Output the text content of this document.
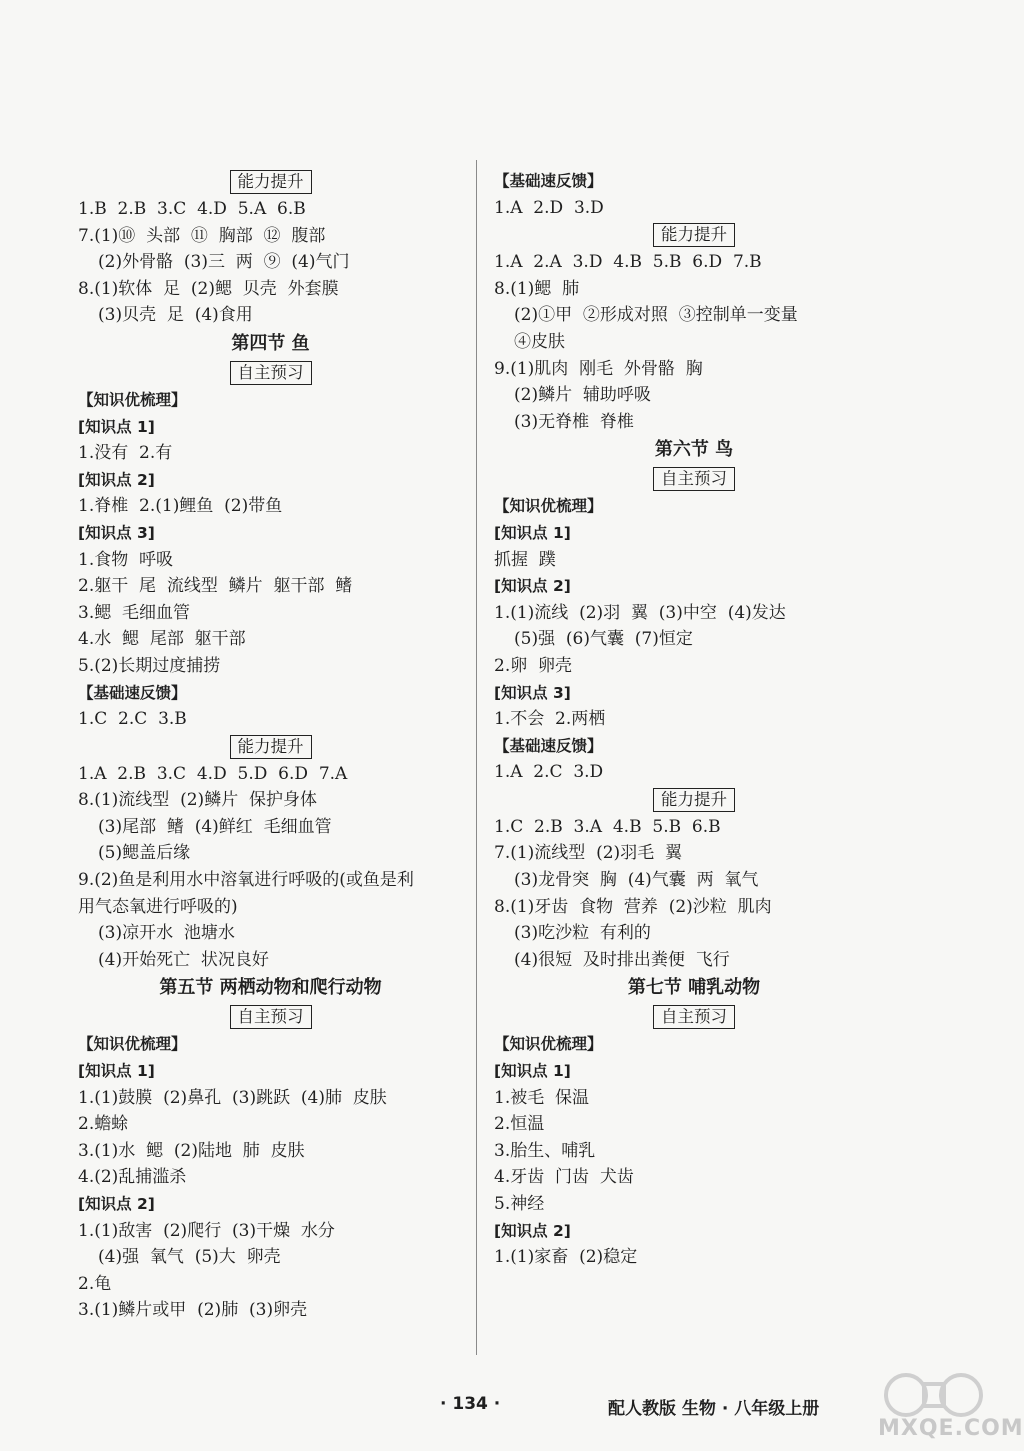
能力提升
1.B  2.B  3.C  4.D  5.A  6.B
7.(1)⑩  头部  ⑪  胸部  ⑫  腹部
(2)外骨骼  (3)三  两  ⑨  (4)气门
8.(1)软体  足  (2)鳃  贝壳  外套膜
(3)贝壳  足  (4)食用
第四节 鱼
自主预习
【知识优梳理】
[知识点 1]
1.没有  2.有
[知识点 2]
1.脊椎  2.(1)鲤鱼  (2)带鱼
[知识点 3]
1.食物  呼吸
2.躯干  尾  流线型  鳞片  躯干部  鳍
3.鳃  毛细血管
4.水  鳃  尾部  躯干部
5.(2)长期过度捕捞
【基础速反馈】
1.C  2.C  3.B
能力提升
1.A  2.B  3.C  4.D  5.D  6.D  7.A
8.(1)流线型  (2)鳞片  保护身体
(3)尾部  鳍  (4)鲜红  毛细血管
(5)鳃盖后缘
9.(2)鱼是利用水中溶氧进行呼吸的(或鱼是利
用气态氧进行呼吸的)
(3)凉开水  池塘水
(4)开始死亡  状况良好
第五节 两栖动物和爬行动物
自主预习
【知识优梳理】
[知识点 1]
1.(1)鼓膜  (2)鼻孔  (3)跳跃  (4)肺  皮肤
2.蟾蜍
3.(1)水  鳃  (2)陆地  肺  皮肤
4.(2)乱捕滥杀
[知识点 2]
1.(1)敌害  (2)爬行  (3)干燥  水分
(4)强  氧气  (5)大  卵壳
2.龟
3.(1)鳞片或甲  (2)肺  (3)卵壳
【基础速反馈】
1.A  2.D  3.D
能力提升
1.A  2.A  3.D  4.B  5.B  6.D  7.B
8.(1)鳃  肺
(2)①甲  ②形成对照  ③控制单一变量
④皮肤
9.(1)肌肉  刚毛  外骨骼  胸
(2)鳞片  辅助呼吸
(3)无脊椎  脊椎
第六节 鸟
自主预习
【知识优梳理】
[知识点 1]
抓握  蹼
[知识点 2]
1.(1)流线  (2)羽  翼  (3)中空  (4)发达
(5)强  (6)气囊  (7)恒定
2.卵  卵壳
[知识点 3]
1.不会  2.两栖
【基础速反馈】
1.A  2.C  3.D
能力提升
1.C  2.B  3.A  4.B  5.B  6.B
7.(1)流线型  (2)羽毛  翼
(3)龙骨突  胸  (4)气囊  两  氧气
8.(1)牙齿  食物  营养  (2)沙粒  肌肉
(3)吃沙粒  有利的
(4)很短  及时排出粪便  飞行
第七节 哺乳动物
自主预习
【知识优梳理】
[知识点 1]
1.被毛  保温
2.恒温
3.胎生、哺乳
4.牙齿  门齿  犬齿
5.神经
[知识点 2]
1.(1)家畜  (2)稳定
· 134 ·	配人教版 生物 · 八年级上册
MXQE.COM
